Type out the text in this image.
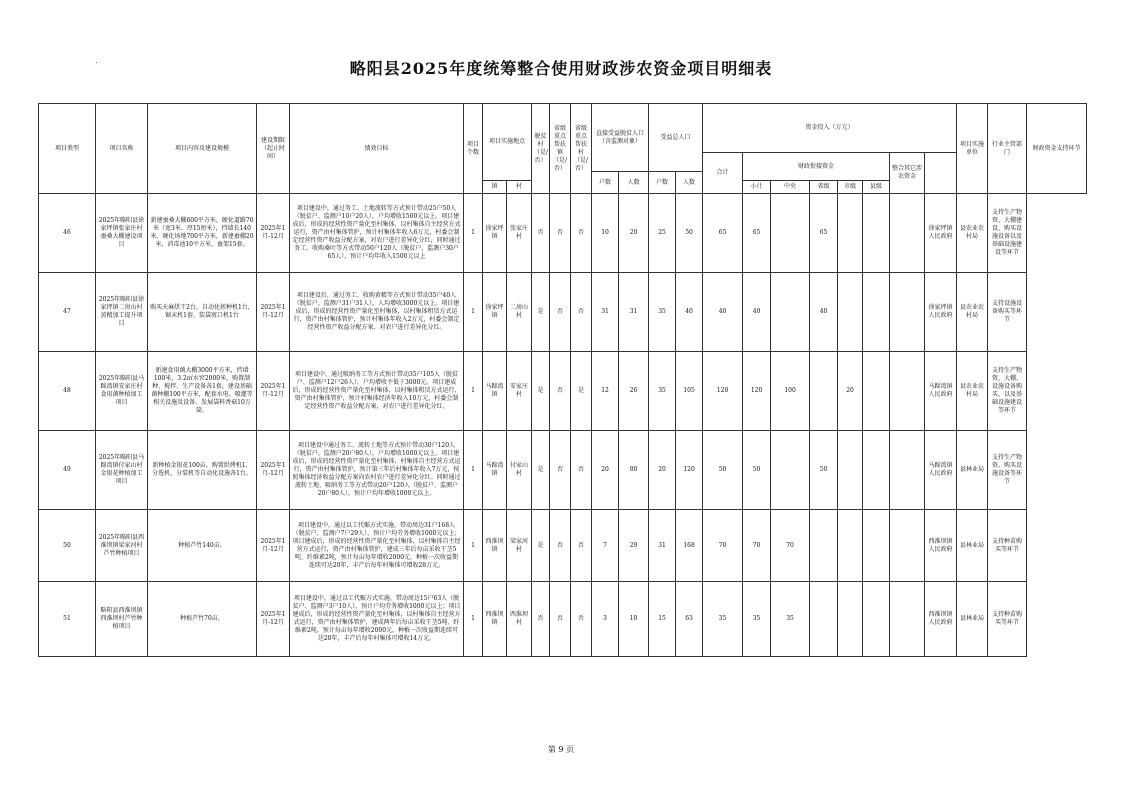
略阳县2025年度统筹整合使用财政涉农资金项目明细表
项目类型	项目名称	项目内容及建设规模	建设期限（起止时间）	绩效目标	项目个数	项目实施地点		脱贫村（是/否）	省级重点帮扶镇（是/否）	省级重点帮扶村（是/否）	直接受益脱贫人口（含监测对象）		受益总人口		资金投入（万元）								项目实施单位	行业主管部门	财政资金支持环节
															合计	财政衔接资金					整合其它涉农资金				
											户数	人数	户数	人数											
						镇	村									小计	中央	省级	市级	县级					
46	2025年略阳县徐家坪镇张家庄村蚕桑大棚建设项目	新建蚕桑大棚600平方米，硬化道路70米（宽3米、厚15厘米），挡墙长140米，硬化场地700平方米，新建蚕棚20米，消毒池10平方米，蚕架15套。	2025年1月-12月	项目建设中，通过务工、土地流转等方式预计带动25户50人（脱贫户、监测户10户20人），户均增收1500元以上。项目建成后，形成的经营性资产量化至村集体，以村集体自主经营方式运行，资产由村集体管护，预计村集体年收入6万元，村委会制定经营性资产收益分配方案，对农户进行差异化分红，同时通过务工、收购桑叶等方式带动50户120人（脱贫户、监测户30户65人），预计户均年收入1500元以上	1	徐家坪镇	张家庄村	否	否	否	10	20	25	50	65	65		65				徐家坪镇人民政府	县农业农村局	支持生产物资、大棚建设、购买设施设备以及基础设施建设等环节	
47	2025年略阳县徐家坪镇二房山村黄精加工提升项目	购买天麻烘干2台，自动化搓种机1台，锯末机1套，装袋窝口机1台	2025年1月-12月	项目建设后，通过务工、收购黄精等方式预计带动35户40人（脱贫户、监测户31户31人），人均增收3000元以上。项目建成后，形成的经营性资产量化至村集体，以村集体租赁方式运行，资产由村集体管护，预计村集体年收入2万元，村委会制定经营性资产收益分配方案，对农户进行差异化分红。	1	徐家坪镇	二房山村	是	否	否	31	31	35	40	40	40		40				徐家坪镇人民政府	县农业农村局	支持设施设备购买等环节	
48	2025年略阳县马蹄湾镇安家庄村食用菌种植加工项目	新建食用菌大棚3000平方米，挡墙100米，3.2㎡水窖2000米，购置制种、搅拌、生产设备各1套，建设基础菌种棚100平方米，配套水电、喷灌等相关设施及设备。发展袋料香菇10万筒。	2025年1月-12月	项目建设中，通过吸纳务工等方式预计带动35户105人（脱贫户、监测户12户26人），户均增收不低于3000元。项目建成后，形成的经营性资产量化至村集体，以村集体租赁方式运行，资产由村集体管护，预计村集体经济年收入10万元，村委会制定经营性资产收益分配方案，对农户进行差异化分红。	1	马蹄湾镇	安家庄村	是	否	是	12	26	35	105	120	120	100		20			马蹄湾镇人民政府	县农业农村局	支持生产物资、大棚、设施设备购买、以及基础设施建设等环节	
49	2025年略阳县马蹄湾镇付家山村金银花种植加工项目	新种植金银花100亩，购置烘烤机1，分选机，分装机等自动化设施各1台。	2025年1月-12月	项目建设中通过务工、流转土地等方式预计带动30户120人（脱贫户、监测户20户80人），户均增收1000元以上。项目建成后，形成的经营性资产量化至村集体，村集体自主经营方式运行，资产由村集体管护，预计第三年后村集体年收入7万元，按照集体经济收益分配方案向农村农户进行差异化分红。同时通过流转土地、吸纳务工等方式带动20户120人（脱贫户、监测户20户80人），预计户均年增收1000元以上。	1	马蹄湾镇	付家山村	是	否	否	20	80	20	120	50	50		50				马蹄湾镇人民政府	县林业局	支持生产物资、购买设施设备等环节	
50	2025年略阳县西淮坝镇梁家河村芦竹种植项目	种植芦竹140亩。	2025年1月-12月	项目建设中，通过以工代赈方式实施，带动周边31户168人（脱贫户、监测户7户29人），预计户均劳务增收1000元以上；项目建成后，形成的经营性资产量化至村集体，以村集体自主经营方式运行，资产由村集体管护，建成三年后每亩采收干茎5吨、纤维素2吨，预计每亩每年增收2000元，种植一次收益期连续可达20年，丰产后每年村集体可增收28万元。	1	西淮坝镇	梁家河村	是	否	否	7	29	31	168	70	70	70					西淮坝镇人民政府	县林业局	支持种苗购买等环节	
51	略阳县西淮坝镇西淮坝村芦竹种植项目	种植芦竹70亩。	2025年1月-12月	项目建设中，通过以工代赈方式实施，带动周边15户63人（脱贫户、监测户3户10人），预计户均劳务增收1000元以上；项目建成后，形成的经营性资产量化至村集体，以村集体自主经营方式运行，资产由村集体管护，建成两年后每亩采收干茎5吨、纤维素2吨，预计每亩每年增收2000元，种植一次收益期连续可达20年，丰产后每年村集体可增收14万元。	1	西淮坝镇	西淮坝村	否	否	否	3	10	15	63	35	35	35					西淮坝镇人民政府	县林业局	支持种苗购买等环节	
第 9 页
